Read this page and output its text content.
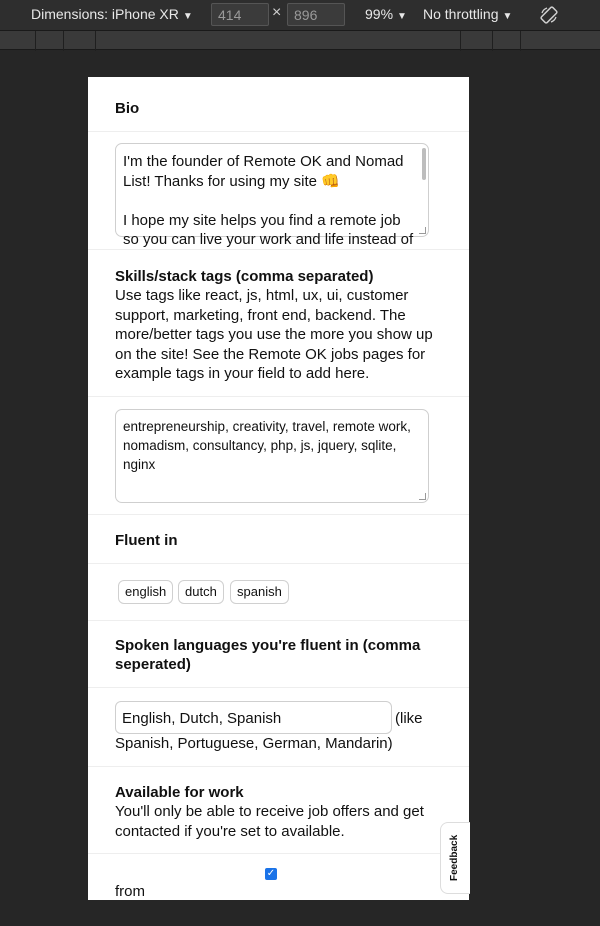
Dimensions: iPhone XR ▼	414	× 896	99% ▼ No throttling ▼
Bio
I'm the founder of Remote OK and Nomad List! Thanks for using my site 👊

I hope my site helps you find a remote job so you can live your work and life instead of
Skills/stack tags (comma separated)
Use tags like react, js, html, ux, ui, customer support, marketing, front end, backend. The more/better tags you use the more you show up on the site! See the Remote OK jobs pages for example tags in your field to add here.
entrepreneurship, creativity, travel, remote work, nomadism, consultancy, php, js, jquery, sqlite, nginx
Fluent in
english	dutch	spanish
Spoken languages you're fluent in (comma seperated)
English, Dutch, Spanish	(like
Spanish, Portuguese, German, Mandarin)
Available for work
You'll only be able to receive job offers and get contacted if you're set to available.
✓
from
Feedback
